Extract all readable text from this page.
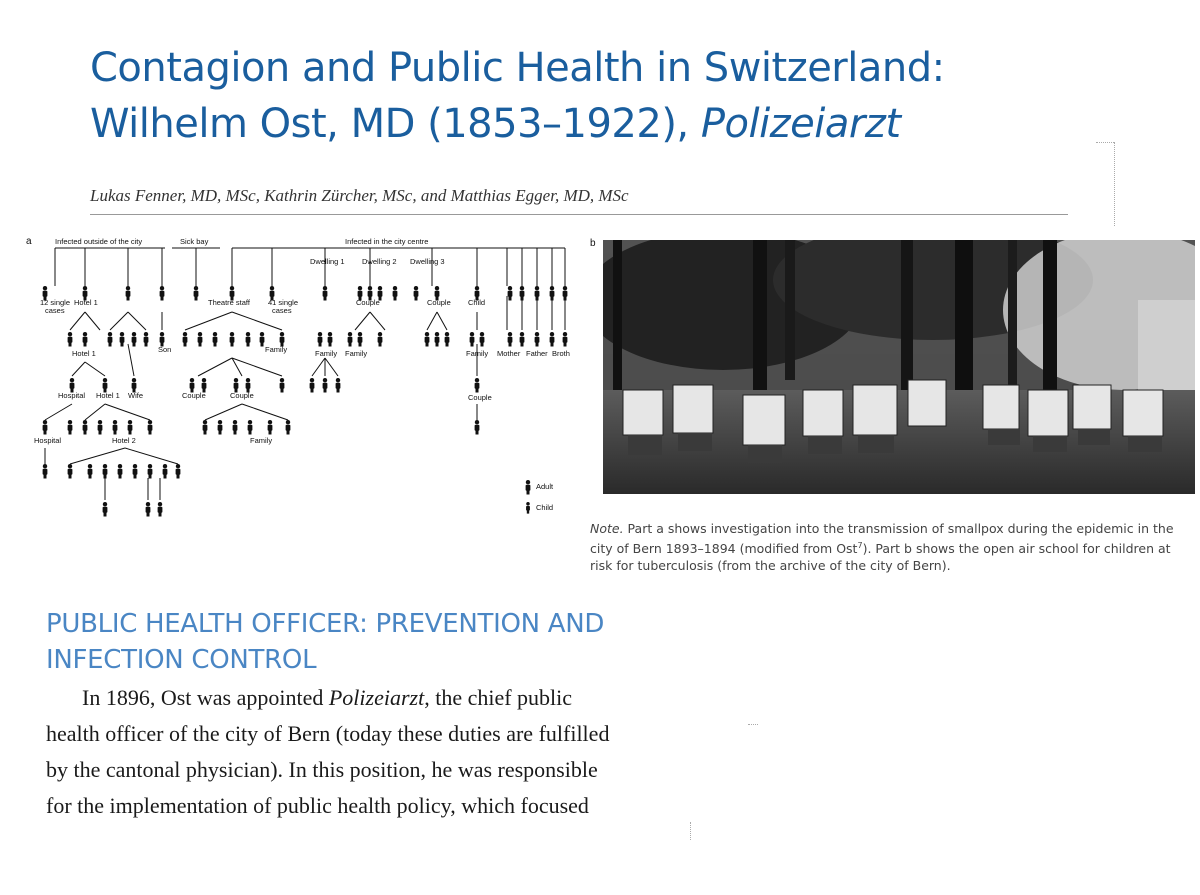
Contagion and Public Health in Switzerland:
Wilhelm Ost, MD (1853–1922), Polizeiarzt
Lukas Fenner, MD, MSc, Kathrin Zürcher, MSc, and Matthias Egger, MD, MSc
Infected outside of the city	Sick bay	Infected in the city centre
Dwelling 1 Dwelling 2 Dwelling 3
12 single
cases
Hotel 1	Theatre staff 41 single
cases
Couple	Couple Child
Hotel 1	Son	Family	Family Family	Family Mother Father Broth
Hospital Hotel 1 Wife	Couple	Couple	Couple
Hospital	Hotel 2	Family
Adult
Child
a	b
Note. Part a shows investigation into the transmission of smallpox during the epidemic in the city of Bern 1893–1894 (modified from Ost$^7$). Part b shows the open air school for children at risk for tuberculosis (from the archive of the city of Bern).
PUBLIC HEALTH OFFICER: PREVENTION AND
INFECTION CONTROL
In 1896, Ost was appointed Polizeiarzt, the chief public
health officer of the city of Bern (today these duties are fulfilled
by the cantonal physician). In this position, he was responsible
for the implementation of public health policy, which focused
